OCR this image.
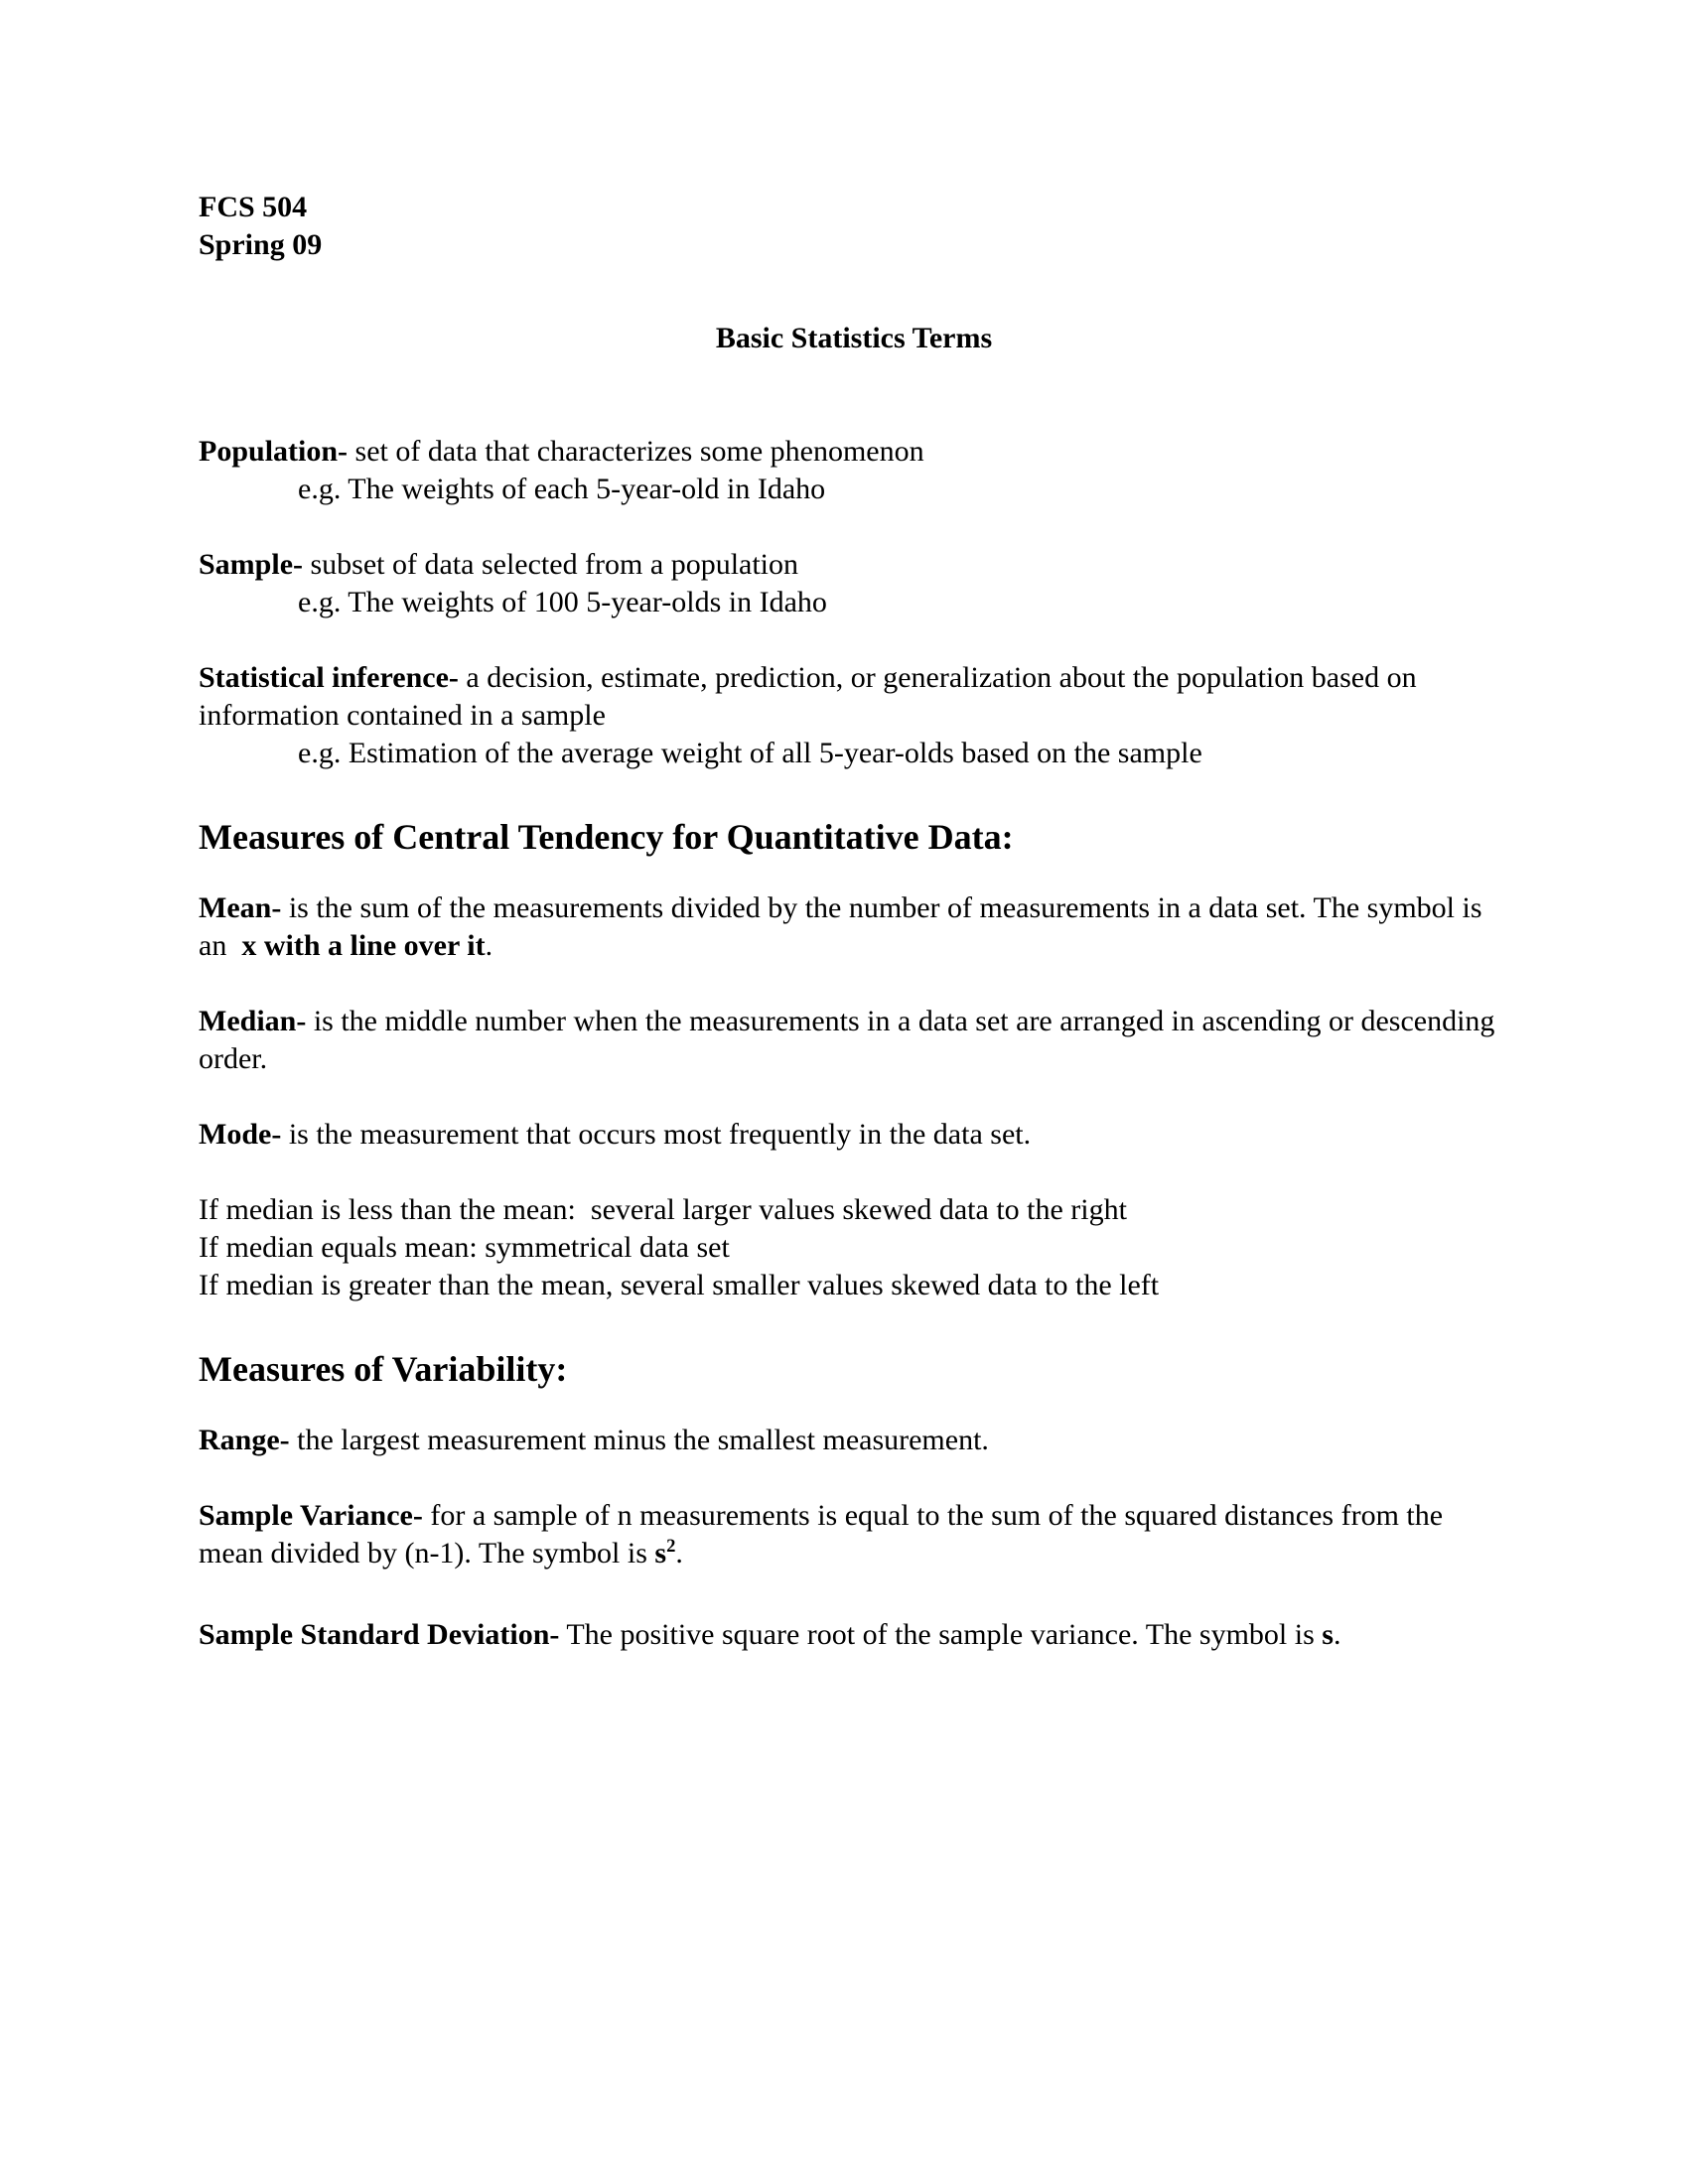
FCS 504
Spring 09
Basic Statistics Terms

Population- set of data that characterizes some phenomenon

e.g. The weights of each 5-year-old in Idaho

Sample- subset of data selected from a population

e.g. The weights of 100 5-year-olds in Idaho

Statistical inference- a decision, estimate, prediction, or generalization about the population based on information contained in a sample

e.g. Estimation of the average weight of all 5-year-olds based on the sample
Measures of Central Tendency for Quantitative Data:

Mean- is the sum of the measurements divided by the number of measurements in a data set. The symbol is an  x with a line over it.

Median- is the middle number when the measurements in a data set are arranged in ascending or descending order.

Mode- is the measurement that occurs most frequently in the data set.

If median is less than the mean:  several larger values skewed data to the right
If median equals mean: symmetrical data set
If median is greater than the mean, several smaller values skewed data to the left

Measures of Variability:

Range- the largest measurement minus the smallest measurement.

Sample Variance- for a sample of n measurements is equal to the sum of the squared distances from the mean divided by (n-1). The symbol is $s^2$.

Sample Standard Deviation- The positive square root of the sample variance. The symbol is s.
